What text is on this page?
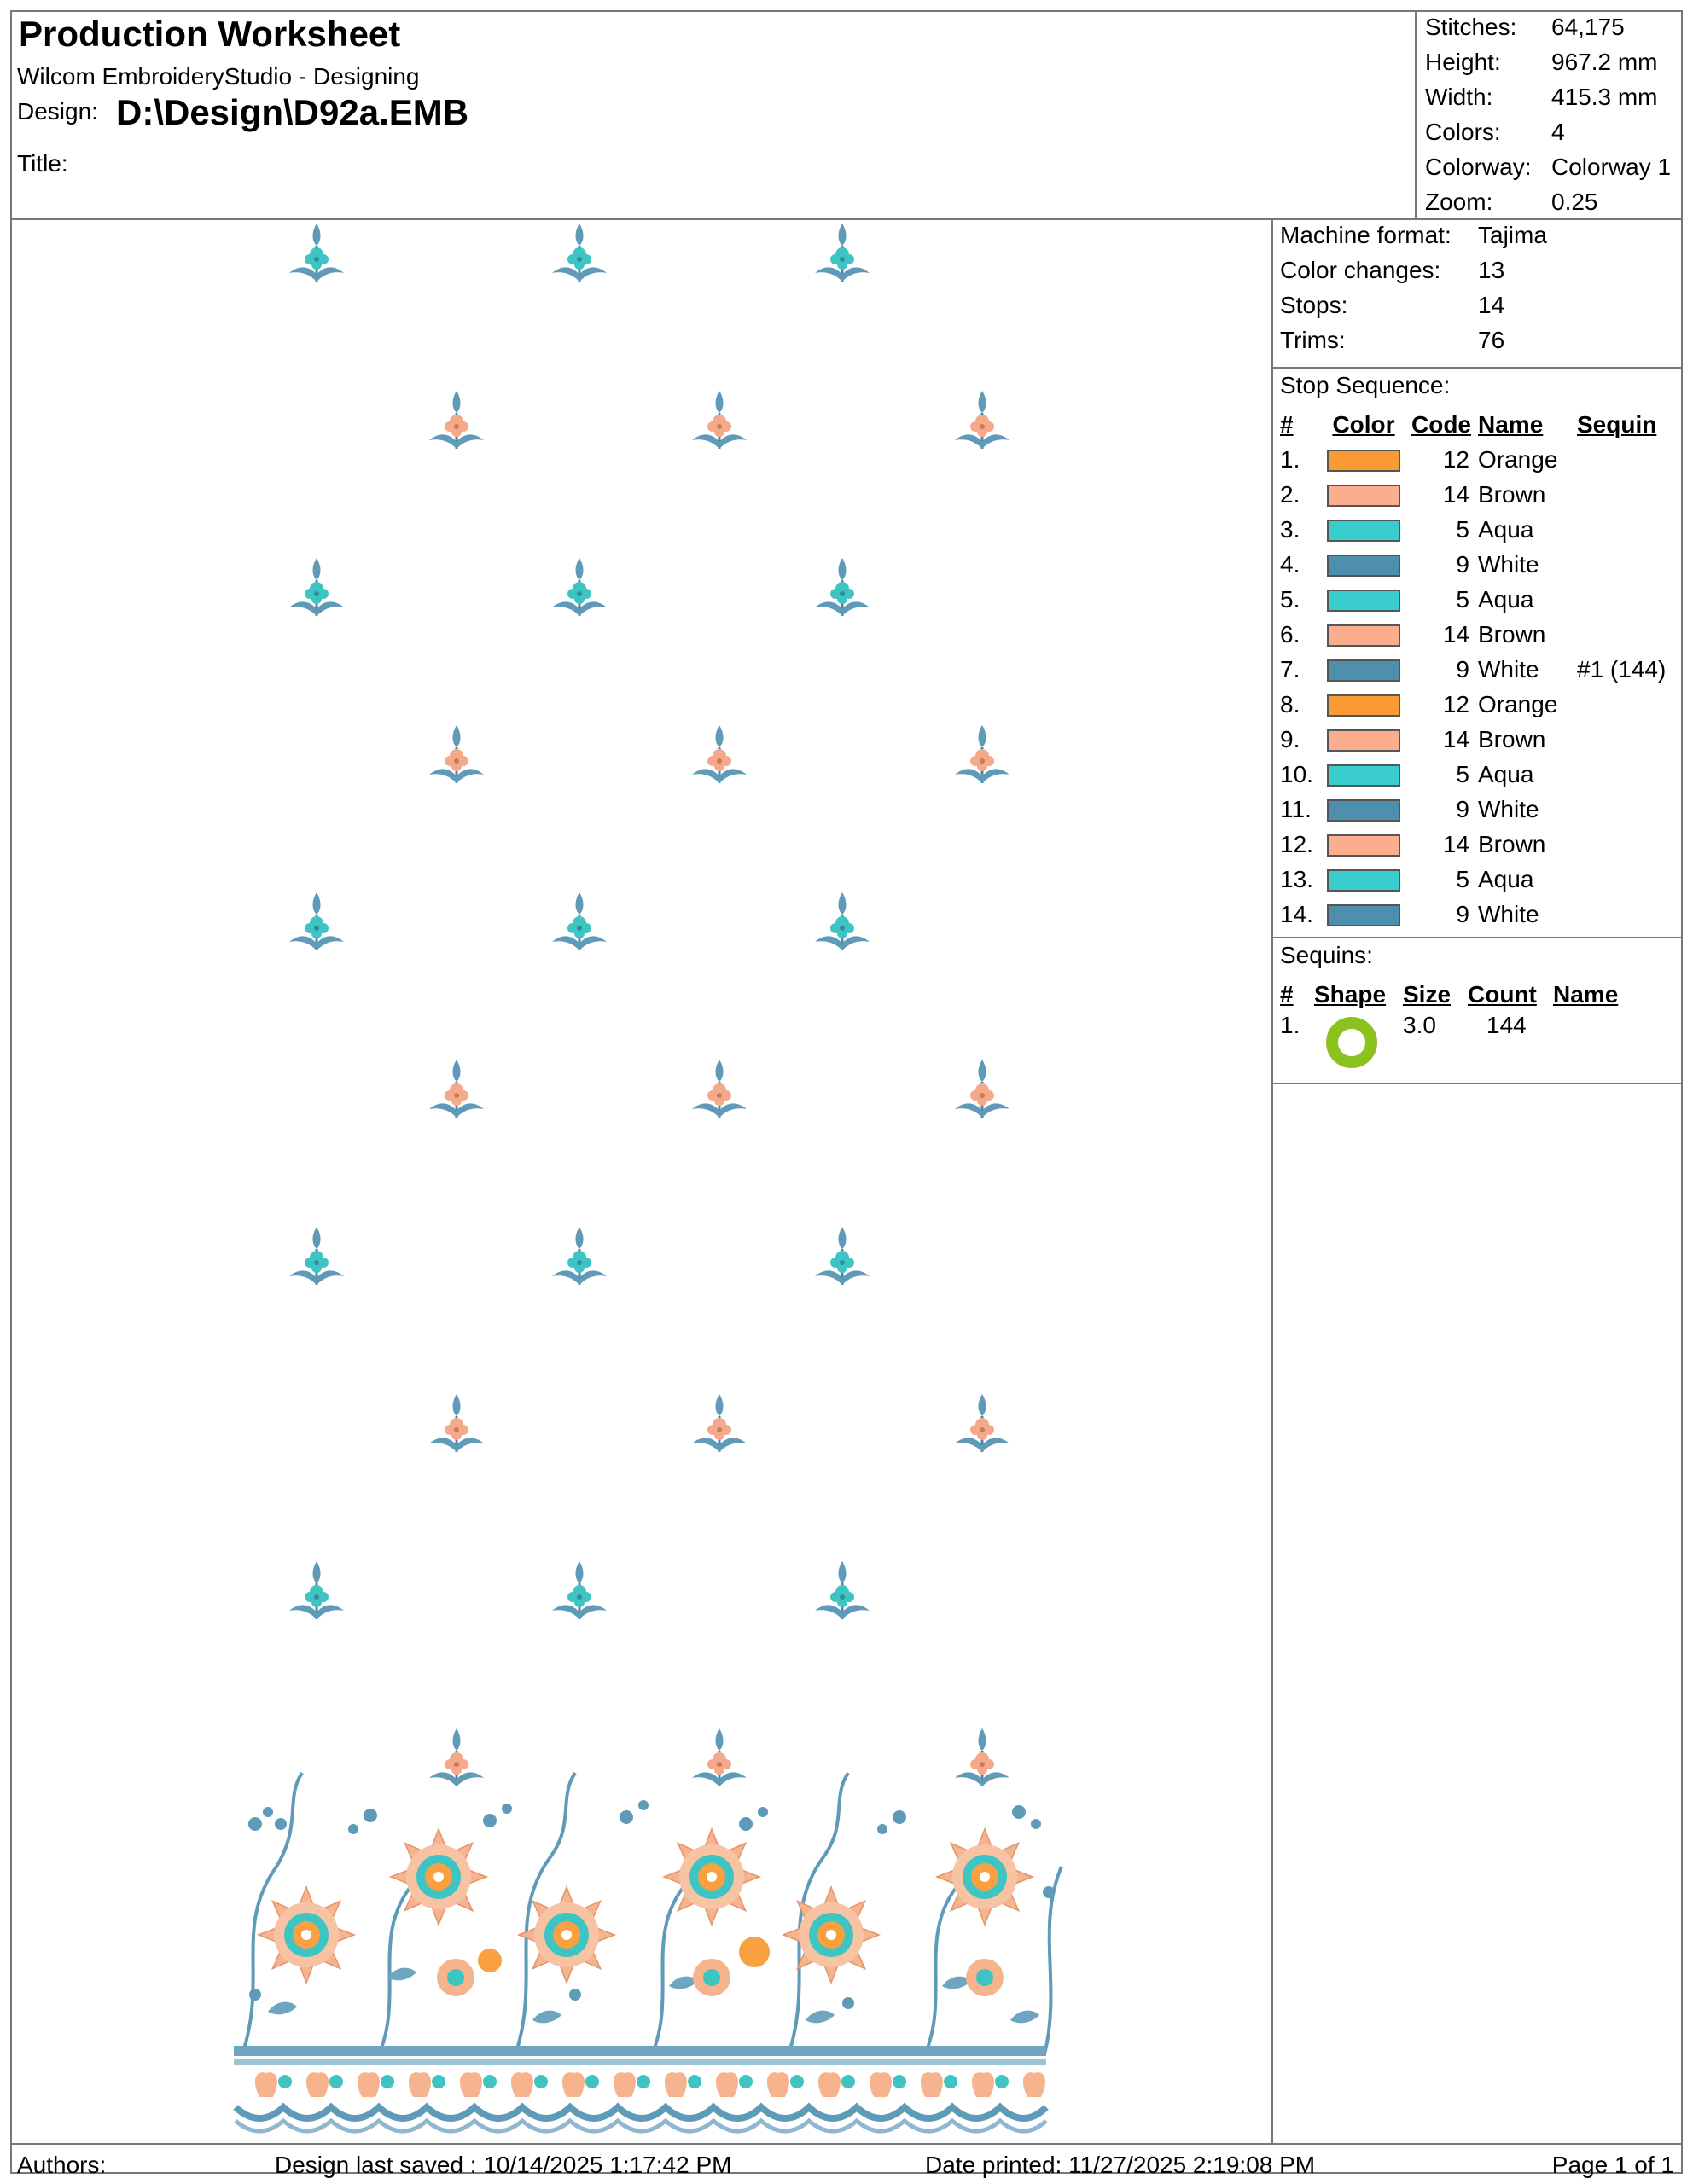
Production Worksheet
Wilcom EmbroideryStudio - Designing
Design: D:\Design\D92a.EMB
Title:
Stitches: 64,175
Height: 967.2 mm
Width: 415.3 mm
Colors: 4
Colorway: Colorway 1
Zoom: 0.25
Machine format: Tajima
Color changes: 13
Stops:	14
Trims:	76
Stop Sequence:
#	Color	Code	Name	Sequin
1.		12	Orange	
2.		14	Brown	
3.		5	Aqua	
4.		9	White	
5.		5	Aqua	
6.		14	Brown	
7.		9	White	#1 (144)
8.		12	Orange	
9.		14	Brown	
10.		5	Aqua	
11.		9	White	
12.		14	Brown	
13.		5	Aqua	
14.		9	White	
Sequins:
#	Shape	Size	Count	Name
1.		3.0	144	
Authors:	Design last saved : 10/14/2025 1:17:42 PM	Date printed: 11/27/2025 2:19:08 PM	Page 1 of 1
